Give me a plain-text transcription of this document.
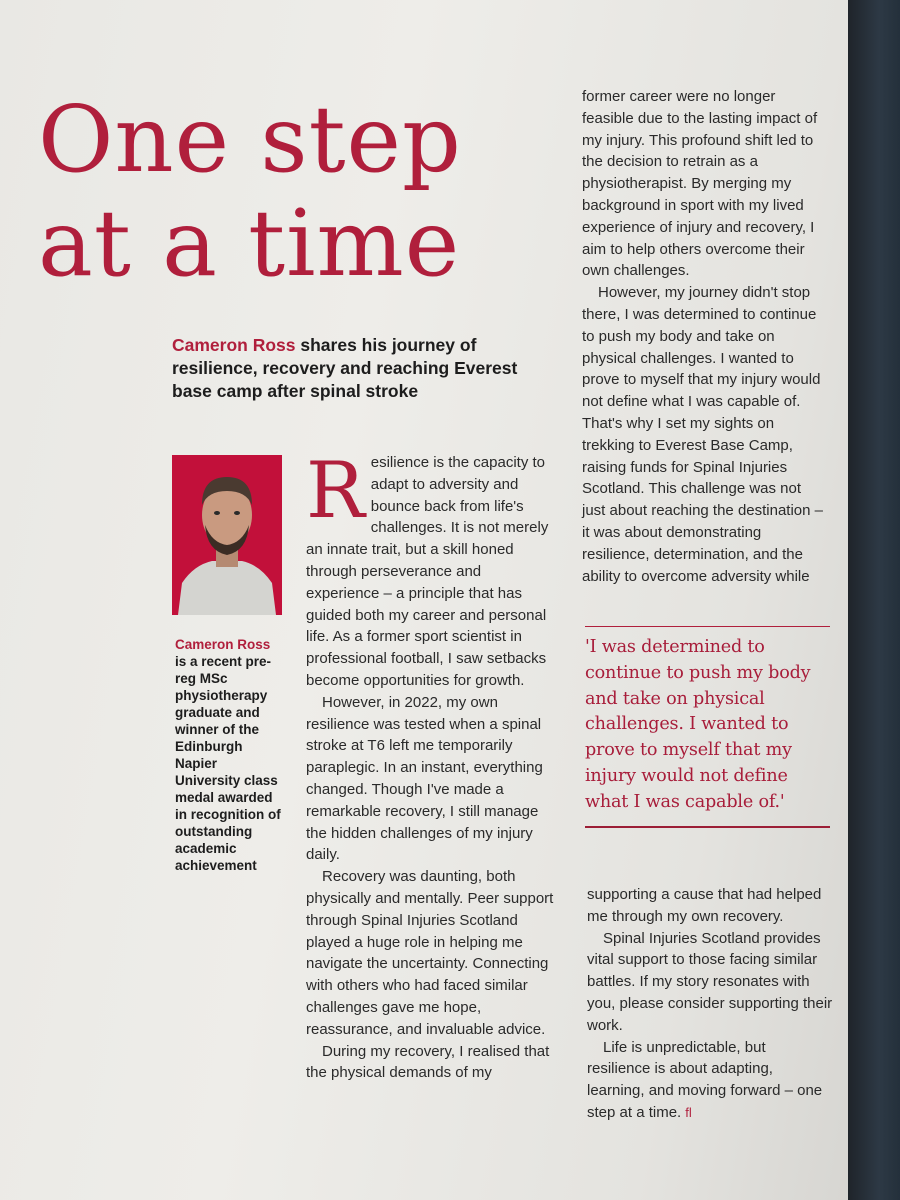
One step
at a time
Cameron Ross shares his journey of resilience, recovery and reaching Everest base camp after spinal stroke
Cameron Ross
is a recent pre-reg MSc physiotherapy graduate and winner of the Edinburgh Napier University class medal awarded in recognition of outstanding academic achievement

Resilience is the capacity to adapt to adversity and bounce back from life's challenges. It is not merely an innate trait, but a skill honed through perseverance and experience – a principle that has guided both my career and personal life. As a former sport scientist in professional football, I saw setbacks become opportunities for growth.

However, in 2022, my own resilience was tested when a spinal stroke at T6 left me temporarily paraplegic. In an instant, everything changed. Though I've made a remarkable recovery, I still manage the hidden challenges of my injury daily.

Recovery was daunting, both physically and mentally. Peer support through Spinal Injuries Scotland played a huge role in helping me navigate the uncertainty. Connecting with others who had faced similar challenges gave me hope, reassurance, and invaluable advice.

During my recovery, I realised that the physical demands of my

former career were no longer feasible due to the lasting impact of my injury. This profound shift led to the decision to retrain as a physiotherapist. By merging my background in sport with my lived experience of injury and recovery, I aim to help others overcome their own challenges.

However, my journey didn't stop there, I was determined to continue to push my body and take on physical challenges. I wanted to prove to myself that my injury would not define what I was capable of. That's why I set my sights on trekking to Everest Base Camp, raising funds for Spinal Injuries Scotland. This challenge was not just about reaching the destination – it was about demonstrating resilience, determination, and the ability to overcome adversity while

'I was determined to continue to push my body and take on physical challenges. I wanted to prove to myself that my injury would not define what I was capable of.'

supporting a cause that had helped me through my own recovery.

Spinal Injuries Scotland provides vital support to those facing similar battles. If my story resonates with you, please consider supporting their work.

Life is unpredictable, but resilience is about adapting, learning, and moving forward – one step at a time. fl
